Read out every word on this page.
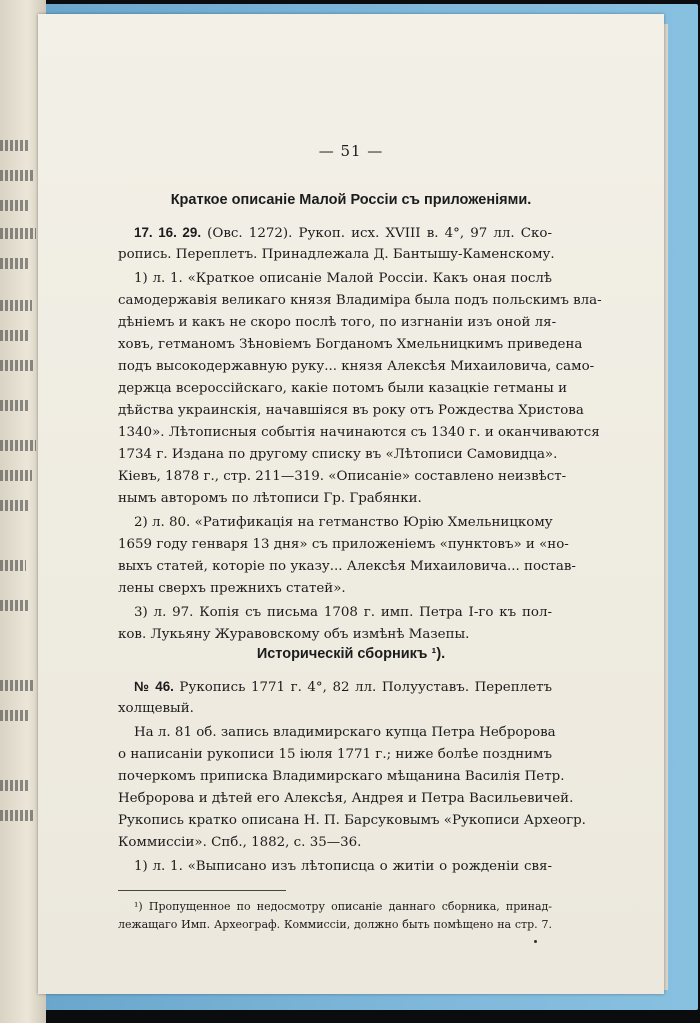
— 51 —
Краткое описаніе Малой Россіи съ приложеніями.
17. 16. 29. (Овс. 1272). Рукоп. исх. XVIII в. 4°, 97 лл. Ско-
ропись. Переплетъ. Принадлежала Д. Бантышу-Каменскому.
1) л. 1. «Краткое описаніе Малой Россіи. Какъ оная послѣ
самодержавія великаго князя Владиміра была подъ польскимъ вла-
дѣніемъ и какъ не скоро послѣ того, по изгнаніи изъ оной ля-
ховъ, гетманомъ Зѣновіемъ Богданомъ Хмельницкимъ приведена
подъ высокодержавную руку... князя Алексѣя Михаиловича, само-
держца всероссійскаго, какіе потомъ были казацкіе гетманы и
дѣйства украинскія, начавшіяся въ року отъ Рождества Христова
1340». Лѣтописныя событія начинаются съ 1340 г. и оканчиваются
1734 г. Издана по другому списку въ «Лѣтописи Самовидца».
Кіевъ, 1878 г., стр. 211—319. «Описаніе» составлено неизвѣст-
нымъ авторомъ по лѣтописи Гр. Грабянки.
2) л. 80. «Ратификація на гетманство Юрію Хмельницкому
1659 году генваря 13 дня» съ приложеніемъ «пунктовъ» и «но-
выхъ статей, которіе по указу... Алексѣя Михаиловича... постав-
лены сверхъ прежнихъ статей».
3) л. 97. Копія съ письма 1708 г. имп. Петра I-го къ пол-
ков. Лукьяну Журавовскому объ измѣнѣ Мазепы.
Историческій сборникъ ¹).
№ 46. Рукопись 1771 г. 4°, 82 лл. Полууставъ. Переплетъ
холщевый.
На л. 81 об. запись владимирскаго купца Петра Небророва
о написаніи рукописи 15 іюля 1771 г.; ниже болѣе позднимъ
почеркомъ приписка Владимирскаго мѣщанина Василія Петр.
Небророва и дѣтей его Алексѣя, Андрея и Петра Васильевичей.
Рукопись кратко описана Н. П. Барсуковымъ «Рукописи Археогр.
Коммиссіи». Спб., 1882, с. 35—36.
1) л. 1. «Выписано изъ лѣтописца о житіи о рожденіи свя-
¹) Пропущенное по недосмотру описаніе даннаго сборника, принад-
лежащаго Имп. Археограф. Коммиссіи, должно быть помѣщено на стр. 7.
